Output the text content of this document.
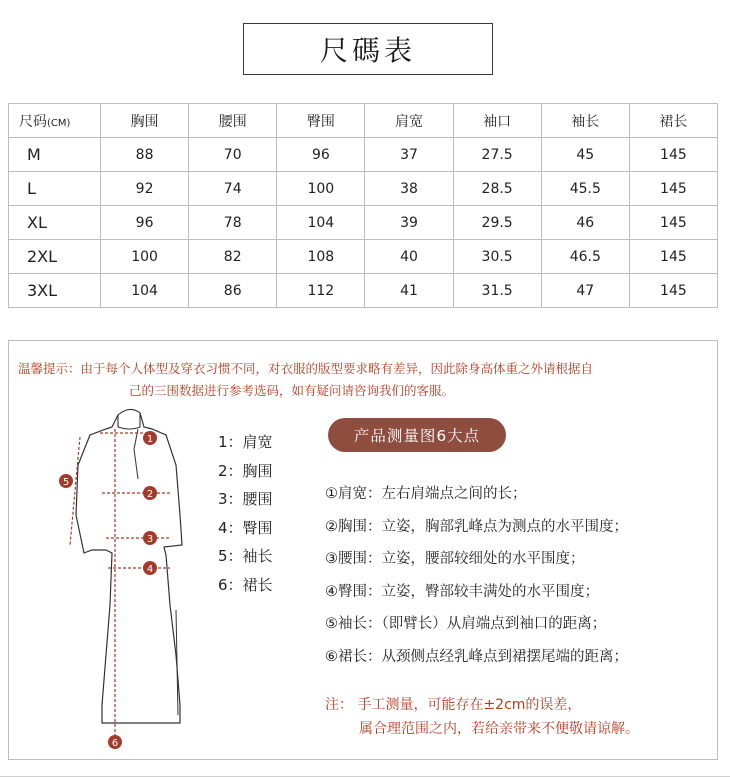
尺碼表
尺码(CM)	胸围	腰围	臀围	肩宽	袖口	袖长	裙长
M	88	70	96	37	27.5	45	145
L	92	74	100	38	28.5	45.5	145
XL	96	78	104	39	29.5	46	145
2XL	100	82	108	40	30.5	46.5	145
3XL	104	86	112	41	31.5	47	145
温馨提示：由于每个人体型及穿衣习惯不同，对衣服的版型要求略有差异，因此除身高体重之外请根据自
己的三围数据进行参考选码，如有疑问请咨询我们的客服。
1
2
3
4
5
6
1：肩宽
2：胸围
3：腰围
4：臀围
5：袖长
6：裙长
产品测量图6大点
①肩宽：左右肩端点之间的长；
②胸围：立姿，胸部乳峰点为测点的水平围度；
③腰围：立姿，腰部较细处的水平围度；
④臀围：立姿，臀部较丰满处的水平围度；
⑤袖长：（即臂长）从肩端点到袖口的距离；
⑥裙长：从颈侧点经乳峰点到裙摆尾端的距离；
注： 手工测量，可能存在±2cm的误差，
属合理范围之内，若给亲带来不便敬请谅解。
